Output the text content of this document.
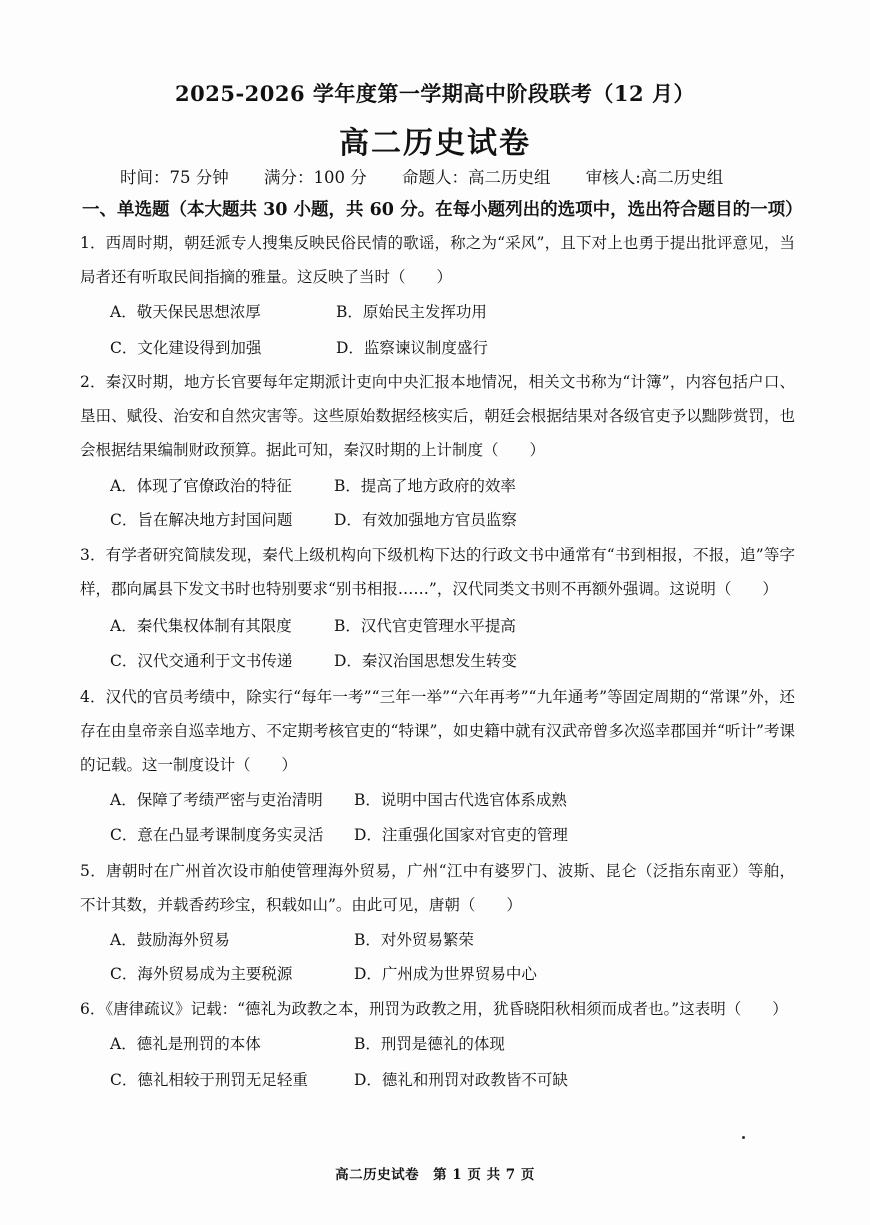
2025-2026 学年度第一学期高中阶段联考（12 月）
高二历史试卷
时间：75 分钟 满分：100 分 命题人：高二历史组 审核人:高二历史组
一、单选题（本大题共 30 小题，共 60 分。在每小题列出的选项中，选出符合题目的一项）
1．西周时期，朝廷派专人搜集反映民俗民情的歌谣，称之为“采风”，且下对上也勇于提出批评意见，当局者还有听取民间指摘的雅量。这反映了当时（　　）
A．敬天保民思想浓厚	B．原始民主发挥功用
C．文化建设得到加强	D．监察谏议制度盛行
2．秦汉时期，地方长官要每年定期派计吏向中央汇报本地情况，相关文书称为“计簿”，内容包括户口、垦田、赋役、治安和自然灾害等。这些原始数据经核实后，朝廷会根据结果对各级官吏予以黜陟赏罚，也会根据结果编制财政预算。据此可知，秦汉时期的上计制度（　　）
A．体现了官僚政治的特征	B．提高了地方政府的效率
C．旨在解决地方封国问题	D．有效加强地方官员监察
3．有学者研究简牍发现，秦代上级机构向下级机构下达的行政文书中通常有“书到相报，不报，追”等字样，郡向属县下发文书时也特别要求“别书相报……”，汉代同类文书则不再额外强调。这说明（　　）
A．秦代集权体制有其限度	B．汉代官吏管理水平提高
C．汉代交通利于文书传递	D．秦汉治国思想发生转变
4．汉代的官员考绩中，除实行“每年一考”“三年一举”“六年再考”“九年通考”等固定周期的“常课”外，还存在由皇帝亲自巡幸地方、不定期考核官吏的“特课”，如史籍中就有汉武帝曾多次巡幸郡国并“听计”考课的记载。这一制度设计（　　）
A．保障了考绩严密与吏治清明 B．说明中国古代选官体系成熟
C．意在凸显考课制度务实灵活 D．注重强化国家对官吏的管理
5．唐朝时在广州首次设市舶使管理海外贸易，广州“江中有婆罗门、波斯、昆仑（泛指东南亚）等舶，不计其数，并载香药珍宝，积载如山”。由此可见，唐朝（　　）
A．鼓励海外贸易	B．对外贸易繁荣
C．海外贸易成为主要税源	D．广州成为世界贸易中心
6．《唐律疏议》记载：“德礼为政教之本，刑罚为政教之用，犹昏晓阳秋相须而成者也。”这表明（　　）
A．德礼是刑罚的本体	B．刑罚是德礼的体现
C．德礼相较于刑罚无足轻重	D．德礼和刑罚对政教皆不可缺
高二历史试卷　第 1 页 共 7 页
